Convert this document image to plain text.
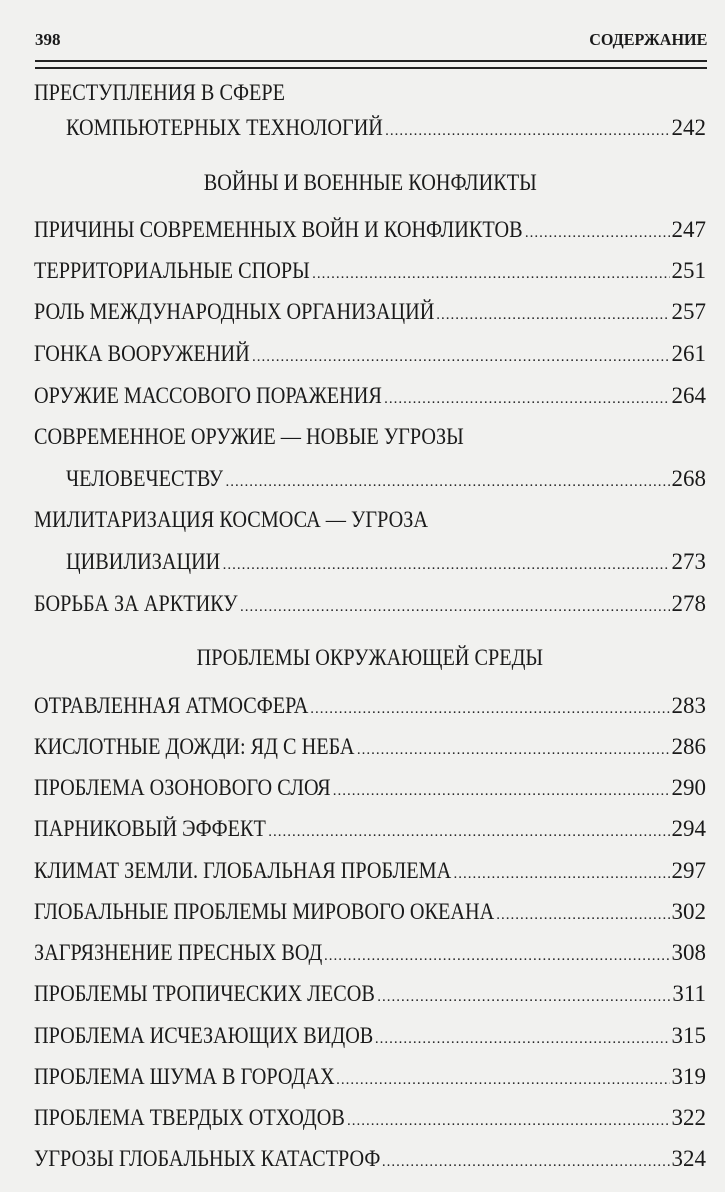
398	СОДЕРЖАНИЕ
ПРЕСТУПЛЕНИЯ В СФЕРЕ
КОМПЬЮТЕРНЫХ ТЕХНОЛОГИЙ .....	242
ВОЙНЫ И ВОЕННЫЕ КОНФЛИКТЫ
ПРИЧИНЫ СОВРЕМЕННЫХ ВОЙН И КОНФЛИКТОВ .....	247
ТЕРРИТОРИАЛЬНЫЕ СПОРЫ .....	251
РОЛЬ МЕЖДУНАРОДНЫХ ОРГАНИЗАЦИЙ .....	257
ГОНКА ВООРУЖЕНИЙ .....	261
ОРУЖИЕ МАССОВОГО ПОРАЖЕНИЯ .....	264
СОВРЕМЕННОЕ ОРУЖИЕ — НОВЫЕ УГРОЗЫ
ЧЕЛОВЕЧЕСТВУ .....	268
МИЛИТАРИЗАЦИЯ КОСМОСА — УГРОЗА
ЦИВИЛИЗАЦИИ .....	273
БОРЬБА ЗА АРКТИКУ .....	278
ПРОБЛЕМЫ ОКРУЖАЮЩЕЙ СРЕДЫ
ОТРАВЛЕННАЯ АТМОСФЕРА .....	283
КИСЛОТНЫЕ ДОЖДИ: ЯД С НЕБА .....	286
ПРОБЛЕМА ОЗОНОВОГО СЛОЯ .....	290
ПАРНИКОВЫЙ ЭФФЕКТ .....	294
КЛИМАТ ЗЕМЛИ. ГЛОБАЛЬНАЯ ПРОБЛЕМА .....	297
ГЛОБАЛЬНЫЕ ПРОБЛЕМЫ МИРОВОГО ОКЕАНА .....	302
ЗАГРЯЗНЕНИЕ ПРЕСНЫХ ВОД .....	308
ПРОБЛЕМЫ ТРОПИЧЕСКИХ ЛЕСОВ .....	311
ПРОБЛЕМА ИСЧЕЗАЮЩИХ ВИДОВ .....	315
ПРОБЛЕМА ШУМА В ГОРОДАХ .....	319
ПРОБЛЕМА ТВЕРДЫХ ОТХОДОВ .....	322
УГРОЗЫ ГЛОБАЛЬНЫХ КАТАСТРОФ .....	324
